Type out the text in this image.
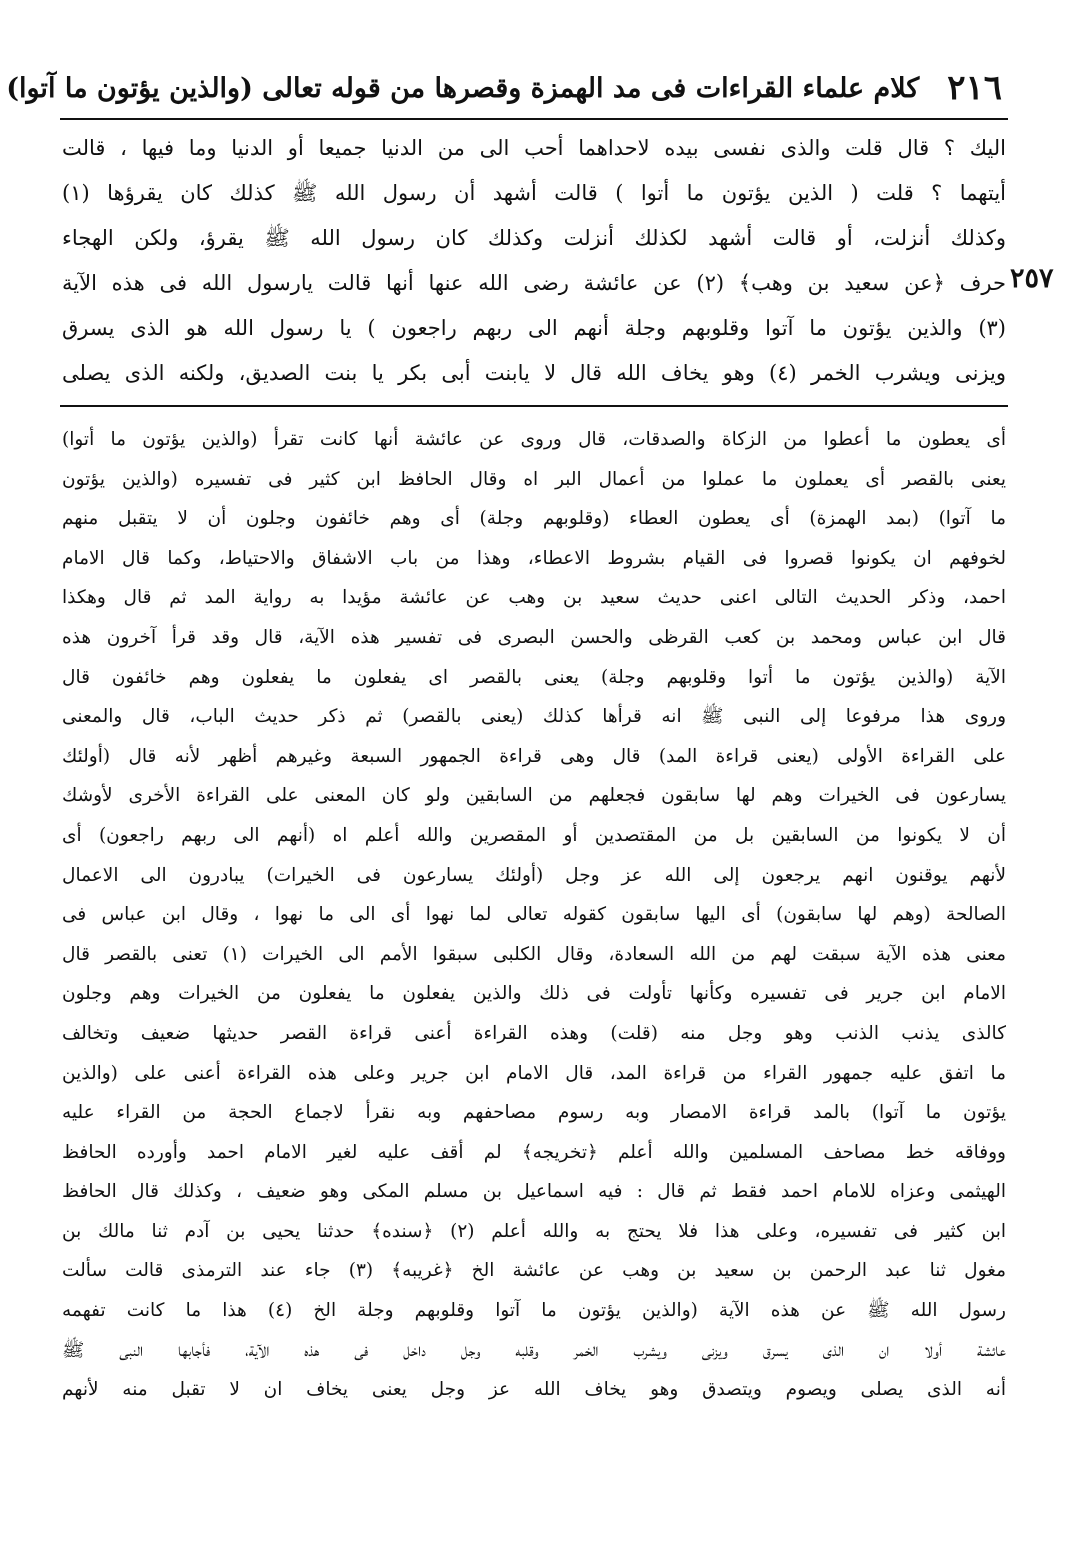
٢١٦
كلام علماء القراءات فى مد الهمزة وقصرها من قوله تعالى (والذين يؤتون ما آتوا)
٢٥٧
اليك ؟ قال قلت والذى نفسى بيده لاحداهما أحب الى من الدنيا جميعا أو الدنيا وما فيها ، قالت
أيتهما ؟ قلت ( الذين يؤتون ما أتوا ) قالت أشهد أن رسول الله ﷺ كذلك كان يقرؤها (١)
وكذلك أنزلت، أو قالت أشهد لكذلك أنزلت وكذلك كان رسول الله ﷺ يقرؤ، ولكن الهجاء
حرف ﴿عن سعيد بن وهب﴾ (٢) عن عائشة رضى الله عنها أنها قالت يارسول الله فى هذه الآية
(٣) والذين يؤتون ما آتوا وقلوبهم وجلة أنهم الى ربهم راجعون ) يا رسول الله هو الذى يسرق
ويزنى ويشرب الخمر (٤) وهو يخاف الله قال لا يابنت أبى بكر يا بنت الصديق، ولكنه الذى يصلى
أى يعطون ما أعطوا من الزكاة والصدقات، قال وروى عن عائشة أنها كانت تقرأ (والذين يؤتون ما أتوا)
يعنى بالقصر أى يعملون ما عملوا من أعمال البر اه وقال الحافظ ابن كثير فى تفسيره (والذين يؤتون
ما آتوا) (بمد الهمزة) أى يعطون العطاء (وقلوبهم وجلة) أى وهم خائفون وجلون أن لا يتقبل منهم
لخوفهم ان يكونوا قصروا فى القيام بشروط الاعطاء، وهذا من باب الاشفاق والاحتياط، وكما قال الامام
احمد، وذكر الحديث التالى اعنى حديث سعيد بن وهب عن عائشة مؤيدا به رواية المد ثم قال وهكذا
قال ابن عباس ومحمد بن كعب القرظى والحسن البصرى فى تفسير هذه الآية، قال وقد قرأ آخرون هذه
الآية (والذين يؤتون ما أتوا وقلوبهم وجلة) يعنى بالقصر اى يفعلون ما يفعلون وهم خائفون قال
وروى هذا مرفوعا إلى النبى ﷺ انه قرأها كذلك (يعنى بالقصر) ثم ذكر حديث الباب، قال والمعنى
على القراءة الأولى (يعنى قراءة المد) قال وهى قراءة الجمهور السبعة وغيرهم أظهر لأنه قال (أولئك
يسارعون فى الخيرات وهم لها سابقون فجعلهم من السابقين ولو كان المعنى على القراءة الأخرى لأوشك
أن لا يكونوا من السابقين بل من المقتصدين أو المقصرين والله أعلم اه (أنهم الى ربهم راجعون) أى
لأنهم يوقنون انهم يرجعون إلى الله عز وجل (أولئك يسارعون فى الخيرات) يبادرون الى الاعمال
الصالحة (وهم لها سابقون) أى اليها سابقون كقوله تعالى لما نهوا أى الى ما نهوا ، وقال ابن عباس فى
معنى هذه الآية سبقت لهم من الله السعادة، وقال الكلبى سبقوا الأمم الى الخيرات (١) تعنى بالقصر قال
الامام ابن جرير فى تفسيره وكأنها تأولت فى ذلك والذين يفعلون ما يفعلون من الخيرات وهم وجلون
كالذى يذنب الذنب وهو وجل منه (قلت) وهذه القراءة أعنى قراءة القصر حديثها ضعيف وتخالف
ما اتفق عليه جمهور القراء من قراءة المد، قال الامام ابن جرير وعلى هذه القراءة أعنى على (والذين
يؤتون ما آتوا) بالمد قراءة الامصار وبه رسوم مصاحفهم وبه نقرأ لاجماع الحجة من القراء عليه
ووفاقه خط مصاحف المسلمين والله أعلم ﴿تخريجه﴾ لم أقف عليه لغير الامام احمد وأورده الحافظ
الهيثمى وعزاه للامام احمد فقط ثم قال : فيه اسماعيل بن مسلم المكى وهو ضعيف ، وكذلك قال الحافظ
ابن كثير فى تفسيره، وعلى هذا فلا يحتج به والله أعلم (٢) ﴿سنده﴾ حدثنا يحيى بن آدم ثنا مالك بن
مغول ثنا عبد الرحمن بن سعيد بن وهب عن عائشة الخ ﴿غريبه﴾ (٣) جاء عند الترمذى قالت سألت
رسول الله ﷺ عن هذه الآية (والذين يؤتون ما آتوا وقلوبهم وجلة الخ (٤) هذا ما كانت تفهمه
عائشة أولا ان الذى يسرق ويزنى ويشرب الخمر وقلبه وجل داخل فى هذه الآية، فأجابها النبى ﷺ
أنه الذى يصلى ويصوم ويتصدق وهو يخاف الله عز وجل يعنى يخاف ان لا تقبل منه لأنهم
